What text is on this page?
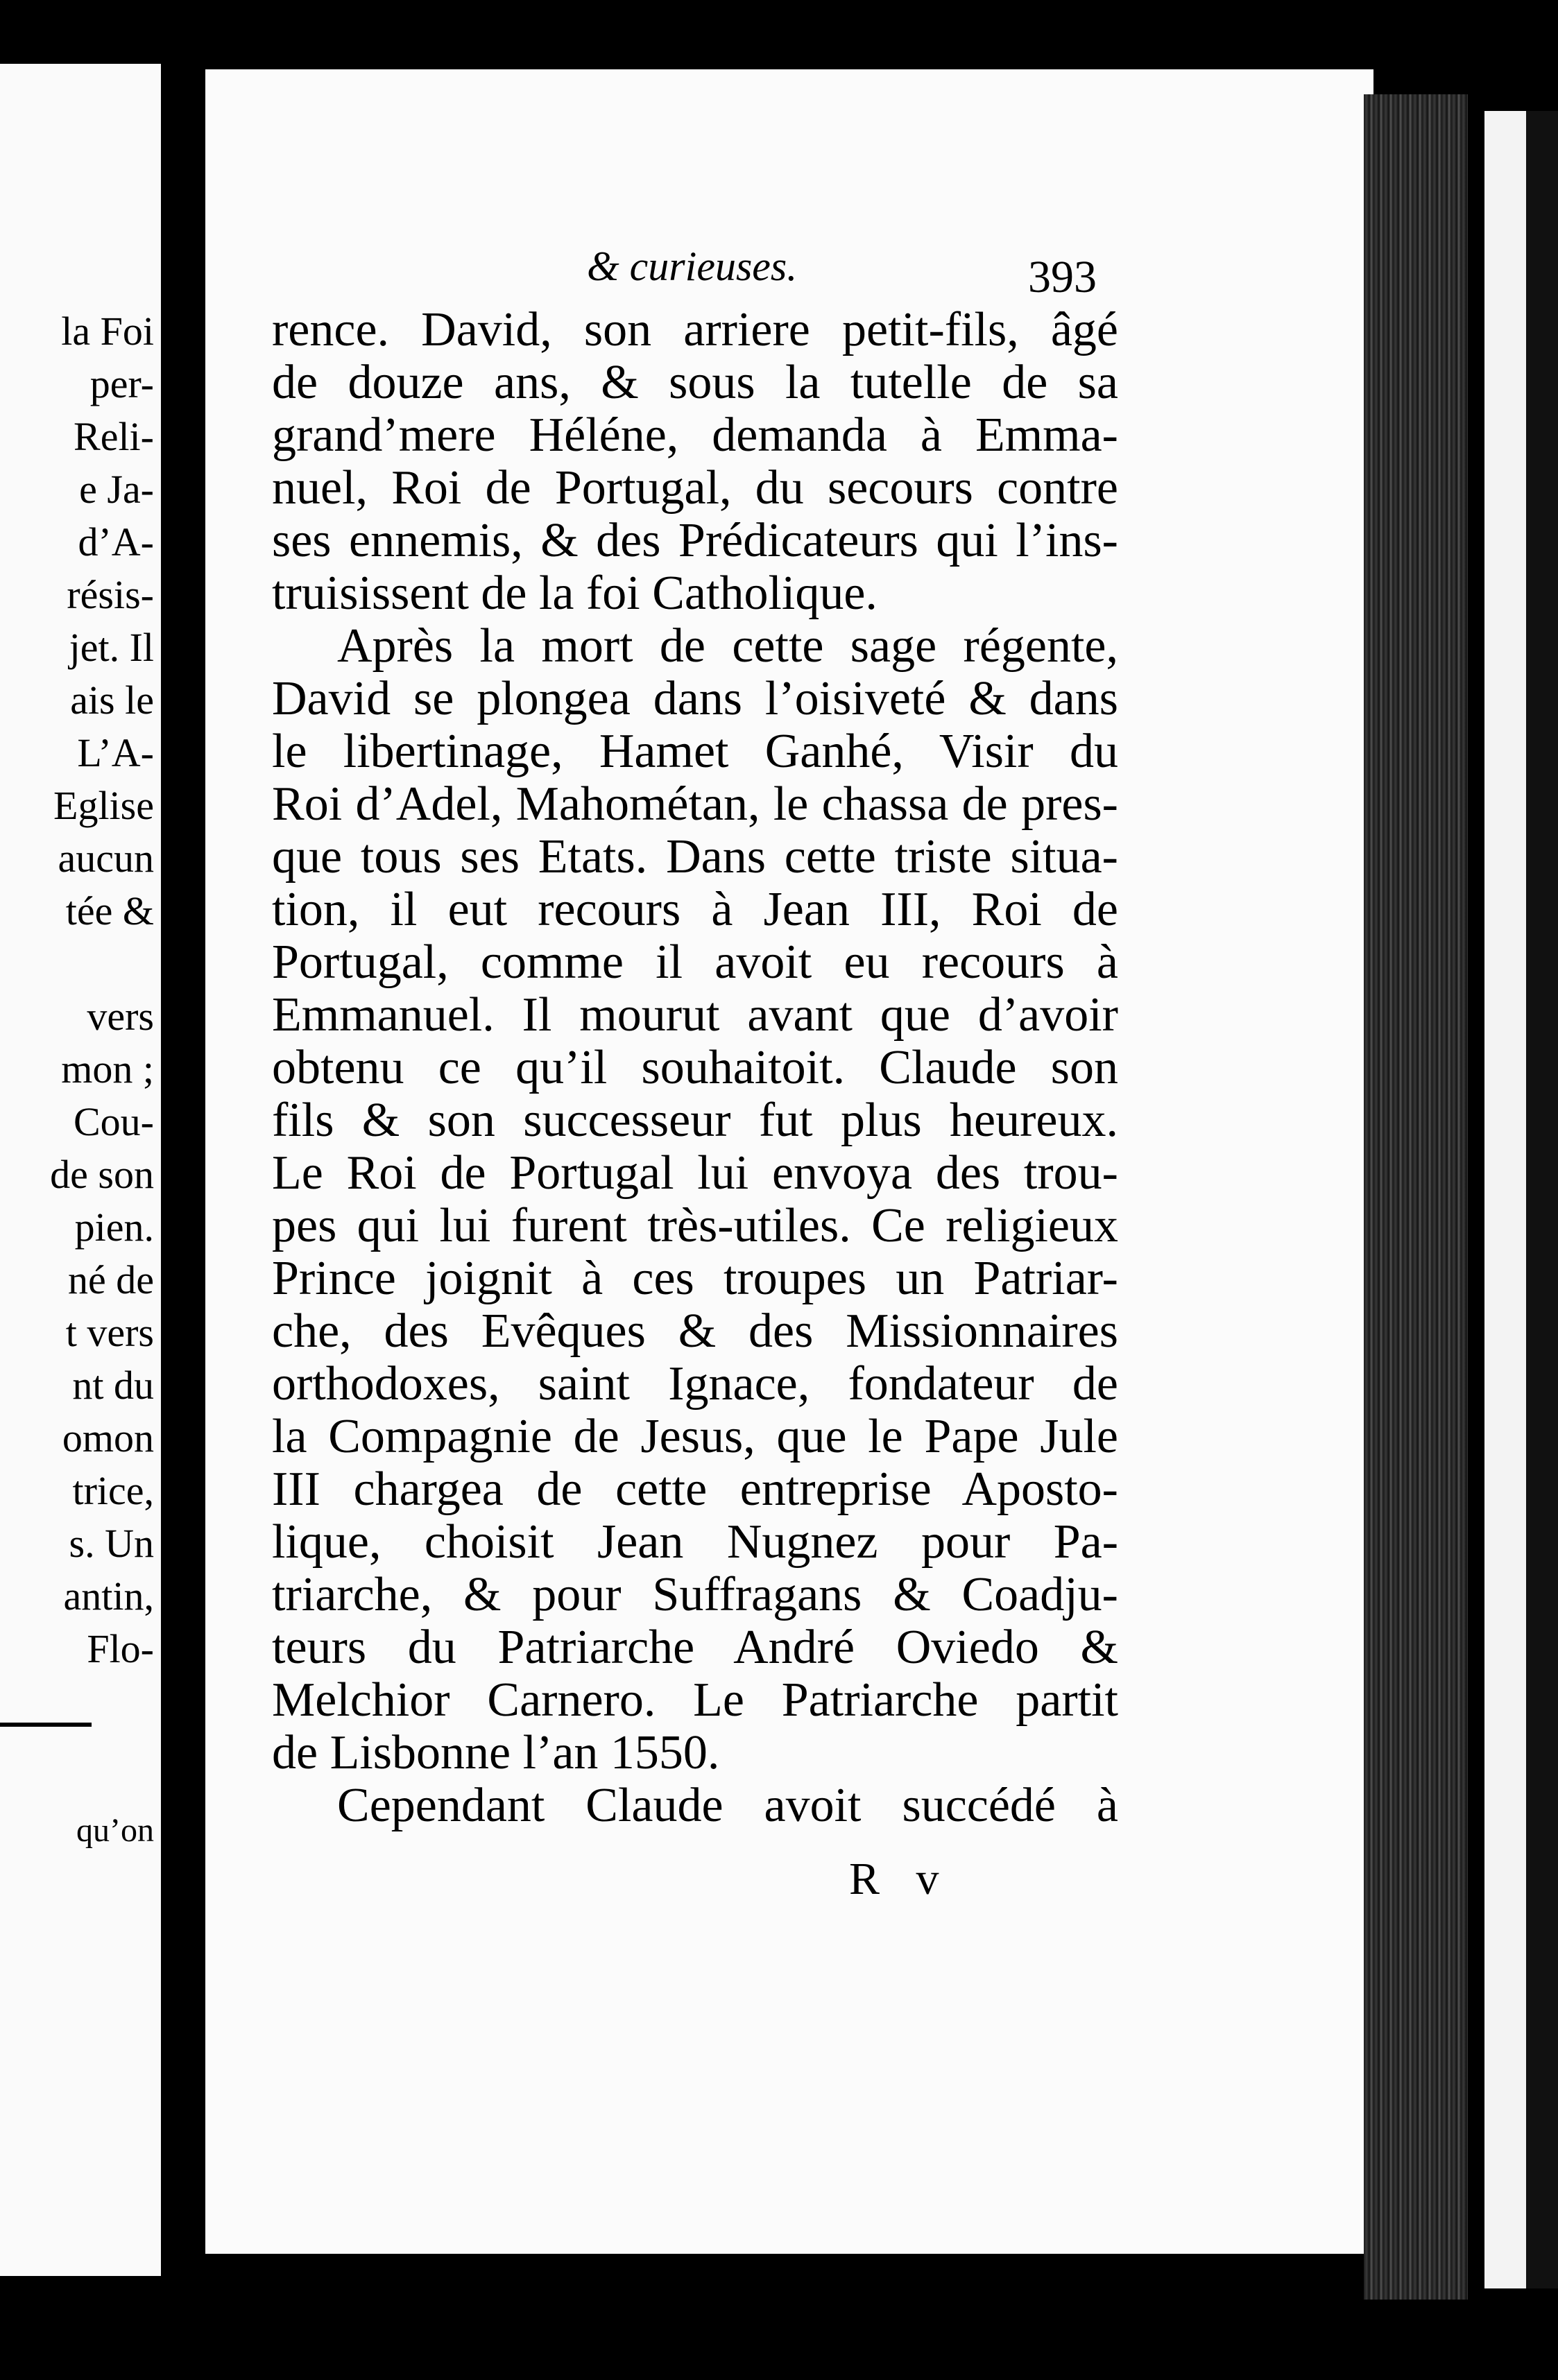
la Foi
per-
Reli-
e Ja-
d’A-
résis-
jet. Il
ais le
L’A-
Eglise
aucun
tée &
vers
mon ;
Cou-
de son
pien.
né de
t vers
nt du
omon
trice,
s. Un
antin,
Flo-
qu’on
& curieuses.	393
rence. David, son arriere petit-fils, âgé
de douze ans, & sous la tutelle de sa
grand’mere Héléne, demanda à Emma-
nuel, Roi de Portugal, du secours contre
ses ennemis, & des Prédicateurs qui l’ins-
truisissent de la foi Catholique.
Après la mort de cette sage régente,
David se plongea dans l’oisiveté & dans
le libertinage, Hamet Ganhé, Visir du
Roi d’Adel, Mahométan, le chassa de pres-
que tous ses Etats. Dans cette triste situa-
tion, il eut recours à Jean III, Roi de
Portugal, comme il avoit eu recours à
Emmanuel. Il mourut avant que d’avoir
obtenu ce qu’il souhaitoit. Claude son
fils & son successeur fut plus heureux.
Le Roi de Portugal lui envoya des trou-
pes qui lui furent très-utiles. Ce religieux
Prince joignit à ces troupes un Patriar-
che, des Evêques & des Missionnaires
orthodoxes, saint Ignace, fondateur de
la Compagnie de Jesus, que le Pape Jule
III chargea de cette entreprise Aposto-
lique, choisit Jean Nugnez pour Pa-
triarche, & pour Suffragans & Coadju-
teurs du Patriarche André Oviedo &
Melchior Carnero. Le Patriarche partit
de Lisbonne l’an 1550.
Cependant Claude avoit succédé à
R v
